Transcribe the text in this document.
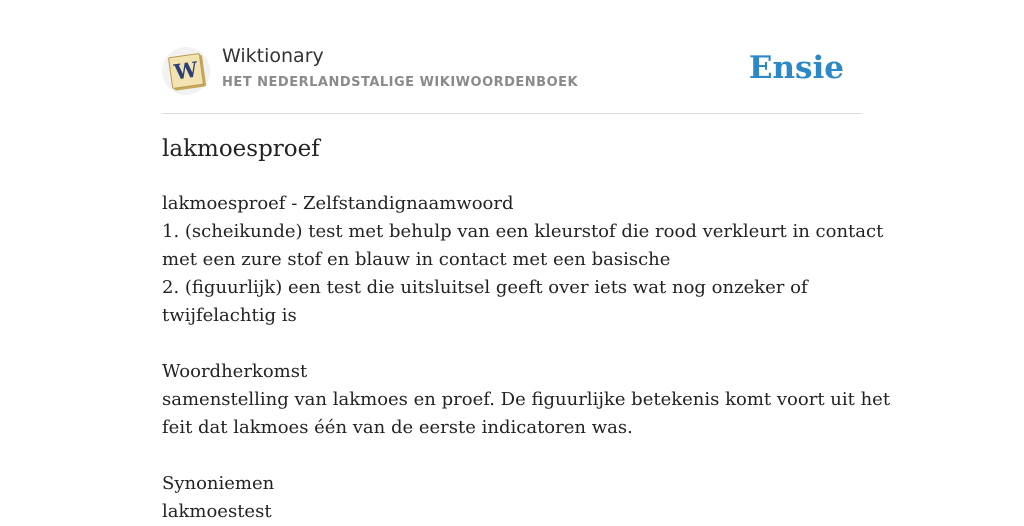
W
Wiktionary
HET NEDERLANDSTALIGE WIKIWOORDENBOEK	Ensie
lakmoesproef
lakmoesproef - Zelfstandignaamwoord
1. (scheikunde) test met behulp van een kleurstof die rood verkleurt in contact
met een zure stof en blauw in contact met een basische
2. (figuurlijk) een test die uitsluitsel geeft over iets wat nog onzeker of
twijfelachtig is
Woordherkomst
samenstelling van lakmoes en proef. De figuurlijke betekenis komt voort uit het
feit dat lakmoes één van de eerste indicatoren was.
Synoniemen
lakmoestest
